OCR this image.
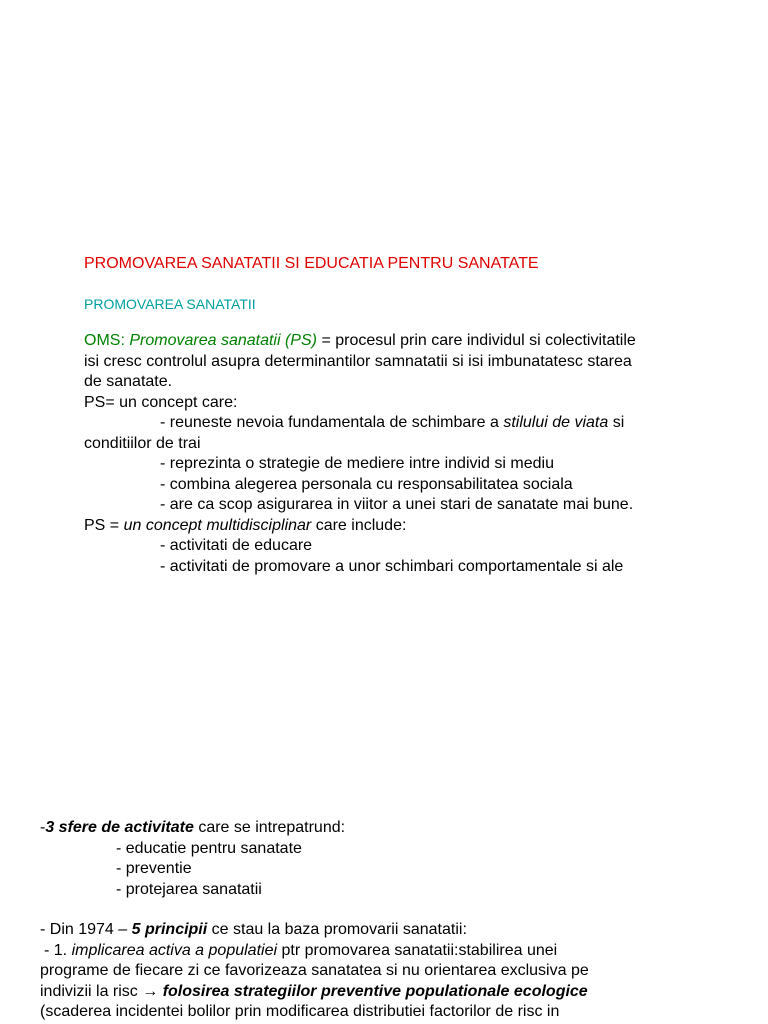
PROMOVAREA SANATATII SI EDUCATIA PENTRU SANATATE
PROMOVAREA SANATATII
OMS: Promovarea sanatatii (PS) = procesul prin care individul si colectivitatile
isi cresc controlul asupra determinantilor samnatatii si isi imbunatatesc starea
de sanatate.
PS= un concept care:
- reuneste nevoia fundamentala de schimbare a stilului de viata si
conditiilor de trai
- reprezinta o strategie de mediere intre individ si mediu
- combina alegerea personala cu responsabilitatea sociala
- are ca scop asigurarea in viitor a unei stari de sanatate mai bune.
PS = un concept multidisciplinar care include:
- activitati de educare
- activitati de promovare a unor schimbari comportamentale si ale
-3 sfere de activitate care se intrepatrund:
- educatie pentru sanatate
- preventie
- protejarea sanatatii
- Din 1974 – 5 principii ce stau la baza promovarii sanatatii:
- 1. implicarea activa a populatiei ptr promovarea sanatatii:stabilirea unei
programe de fiecare zi ce favorizeaza sanatatea si nu orientarea exclusiva pe
indivizii la risc → folosirea strategiilor preventive populationale ecologice
(scaderea incidentei bolilor prin modificarea distributiei factorilor de risc in
